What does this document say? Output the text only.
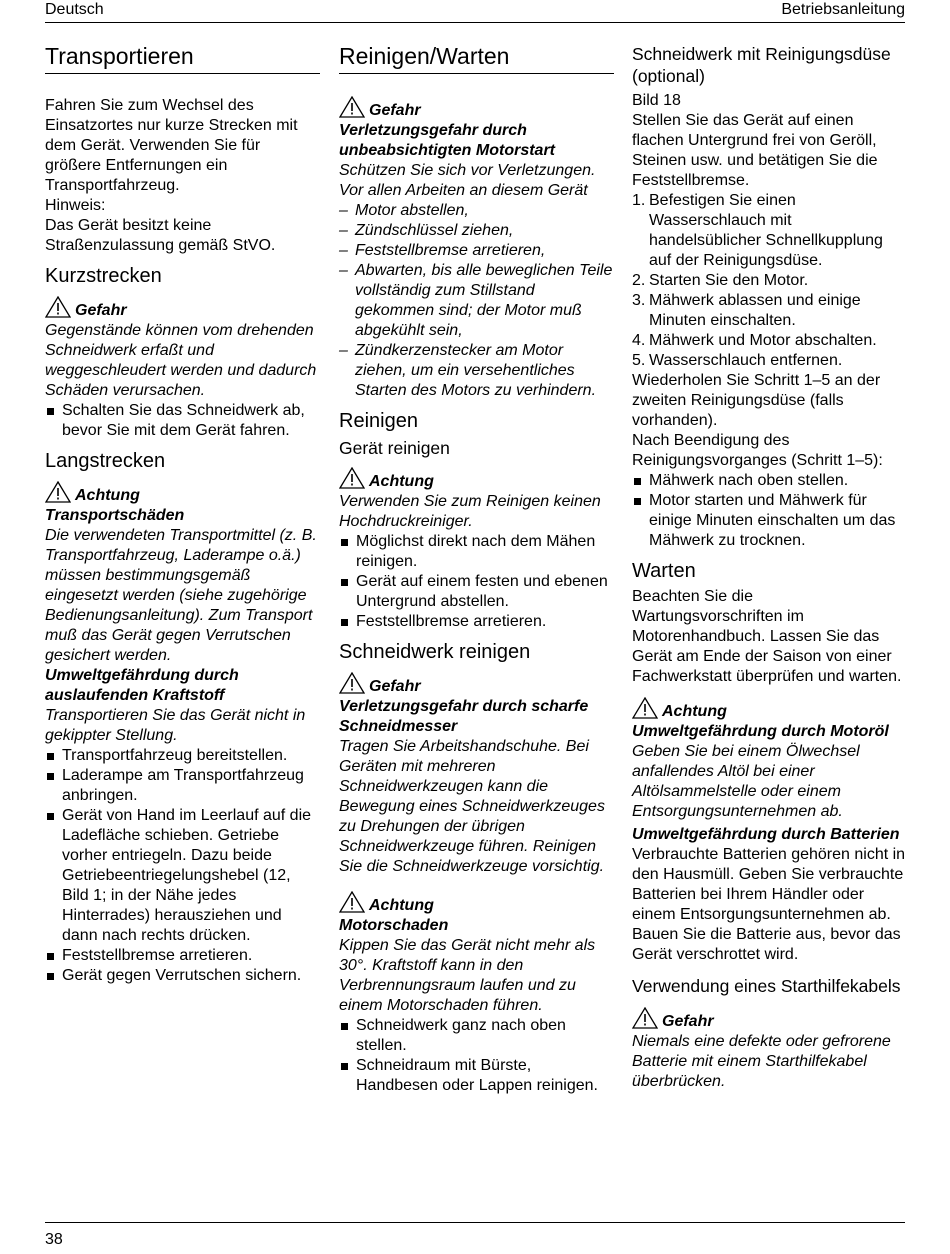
Deutsch	Betriebsanleitung
Transportieren

Fahren Sie zum Wechsel des Einsatzortes nur kurze Strecken mit dem Gerät. Verwenden Sie für größere Entfernungen ein Transportfahrzeug.

Hinweis:

Das Gerät besitzt keine Straßenzulassung gemäß StVO.

Kurzstrecken
Gefahr

Gegenstände können vom drehenden Schneidwerk erfaßt und weggeschleudert werden und dadurch Schäden verursachen.

Schalten Sie das Schneidwerk ab, bevor Sie mit dem Gerät fahren.
Langstrecken
Achtung

Transportschäden

Die verwendeten Transportmittel (z. B. Transportfahrzeug, Laderampe o.ä.) müssen bestimmungsgemäß eingesetzt werden (siehe zugehörige Bedienungsanleitung). Zum Transport muß das Gerät gegen Verrutschen gesichert werden.

Umweltgefährdung durch auslaufenden Kraftstoff

Transportieren Sie das Gerät nicht in gekippter Stellung.

Transportfahrzeug bereitstellen.
Laderampe am Transportfahrzeug anbringen.
Gerät von Hand im Leerlauf auf die Ladefläche schieben. Getriebe vorher entriegeln. Dazu beide Getriebeentriegelungshebel (12, Bild 1; in der Nähe jedes Hinterrades) herausziehen und dann nach rechts drücken.
Feststellbremse arretieren.
Gerät gegen Verrutschen sichern.
Reinigen/Warten
Gefahr

Verletzungsgefahr durch unbeabsichtigten Motorstart

Schützen Sie sich vor Verletzungen. Vor allen Arbeiten an diesem Gerät

– Motor abstellen,
– Zündschlüssel ziehen,
– Feststellbremse arretieren,
– Abwarten, bis alle beweglichen Teile vollständig zum Stillstand gekommen sind; der Motor muß abgekühlt sein,
– Zündkerzenstecker am Motor ziehen, um ein versehentliches Starten des Motors zu verhindern.
Reinigen
Gerät reinigen
Achtung

Verwenden Sie zum Reinigen keinen Hochdruckreiniger.

Möglichst direkt nach dem Mähen reinigen.
Gerät auf einem festen und ebenen Untergrund abstellen.
Feststellbremse arretieren.
Schneidwerk reinigen
Gefahr

Verletzungsgefahr durch scharfe Schneidmesser

Tragen Sie Arbeitshandschuhe. Bei Geräten mit mehreren Schneidwerkzeugen kann die Bewegung eines Schneidwerkzeuges zu Drehungen der übrigen Schneidwerkzeuge führen. Reinigen Sie die Schneidwerkzeuge vorsichtig.

Achtung

Motorschaden

Kippen Sie das Gerät nicht mehr als 30°. Kraftstoff kann in den Verbrennungsraum laufen und zu einem Motorschaden führen.

Schneidwerk ganz nach oben stellen.
Schneidraum mit Bürste, Handbesen oder Lappen reinigen.
Schneidwerk mit Reinigungsdüse (optional)

Bild 18

Stellen Sie das Gerät auf einen flachen Untergrund frei von Geröll, Steinen usw. und betätigen Sie die Feststellbremse.

1. Befestigen Sie einen Wasserschlauch mit handelsüblicher Schnellkupplung auf der Reinigungsdüse.
2. Starten Sie den Motor.
3. Mähwerk ablassen und einige Minuten einschalten.
4. Mähwerk und Motor abschalten.
5. Wasserschlauch entfernen.

Wiederholen Sie Schritt 1–5 an der zweiten Reinigungsdüse (falls vorhanden).

Nach Beendigung des Reinigungsvorganges (Schritt 1–5):

Mähwerk nach oben stellen.
Motor starten und Mähwerk für einige Minuten einschalten um das Mähwerk zu trocknen.
Warten

Beachten Sie die Wartungsvorschriften im Motorenhandbuch. Lassen Sie das Gerät am Ende der Saison von einer Fachwerkstatt überprüfen und warten.

Achtung

Umweltgefährdung durch Motoröl

Geben Sie bei einem Ölwechsel anfallendes Altöl bei einer Altölsammelstelle oder einem Entsorgungsunternehmen ab.

Umweltgefährdung durch Batterien

Verbrauchte Batterien gehören nicht in den Hausmüll. Geben Sie verbrauchte Batterien bei Ihrem Händler oder einem Entsorgungsunternehmen ab.

Bauen Sie die Batterie aus, bevor das Gerät verschrottet wird.

Verwendung eines Starthilfekabels
Gefahr

Niemals eine defekte oder gefrorene Batterie mit einem Starthilfekabel überbrücken.

38
